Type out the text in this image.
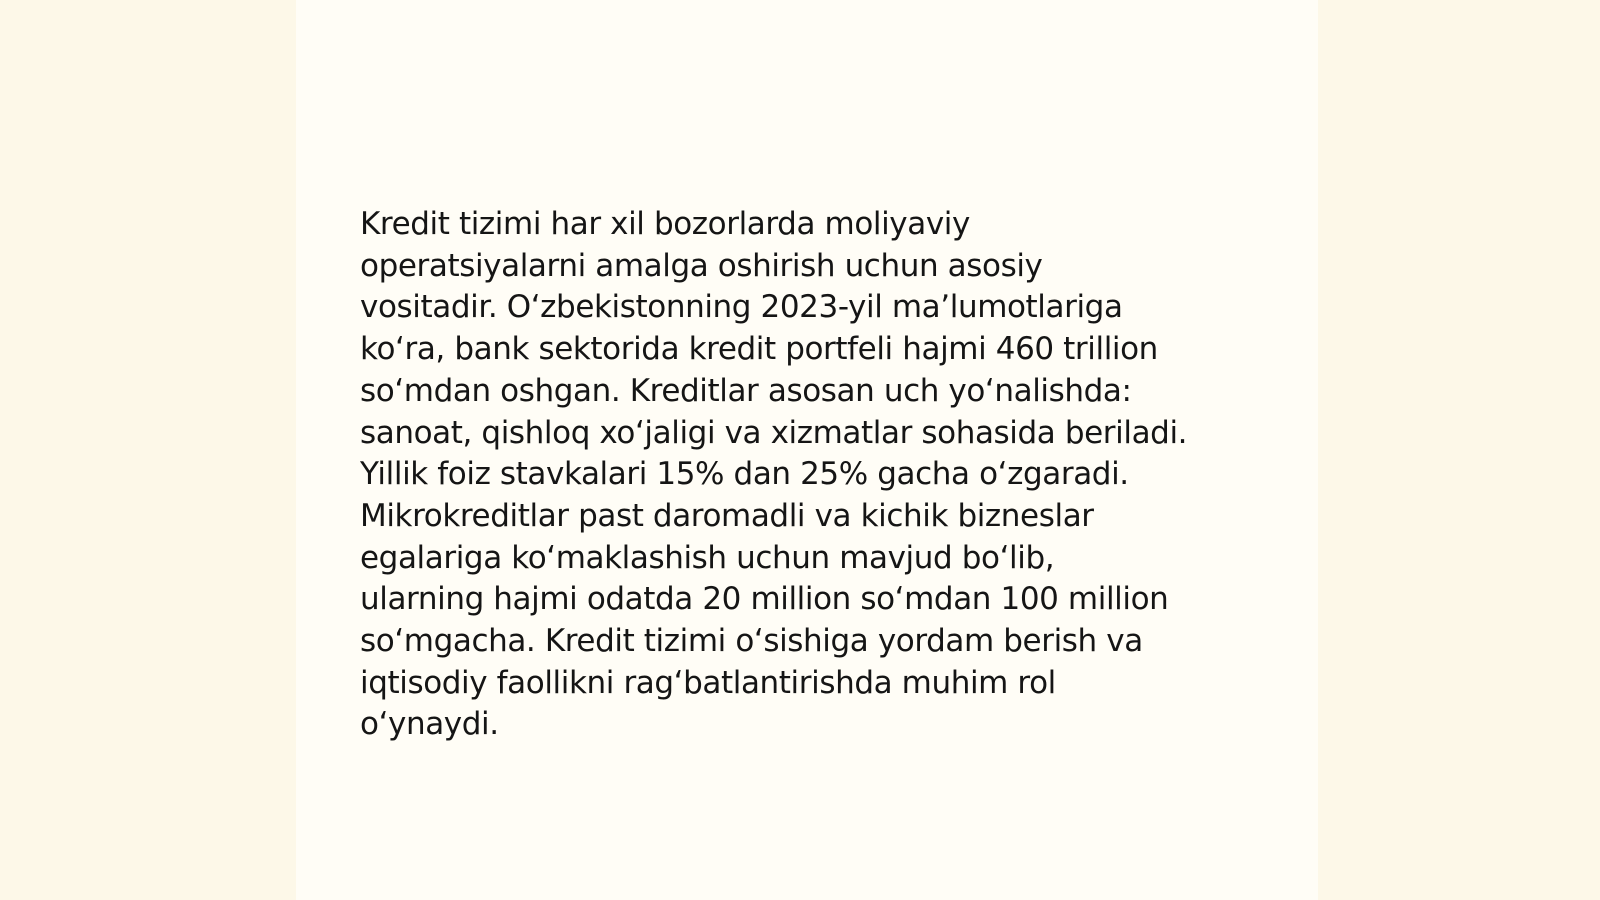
Kredit tizimi har xil bozorlarda moliyaviy
operatsiyalarni amalga oshirish uchun asosiy
vositadir. O‘zbekistonning 2023-yil ma’lumotlariga
ko‘ra, bank sektorida kredit portfeli hajmi 460 trillion
so‘mdan oshgan. Kreditlar asosan uch yo‘nalishda:
sanoat, qishloq xo‘jaligi va xizmatlar sohasida beriladi.
Yillik foiz stavkalari 15% dan 25% gacha o‘zgaradi.
Mikrokreditlar past daromadli va kichik bizneslar
egalariga ko‘maklashish uchun mavjud bo‘lib,
ularning hajmi odatda 20 million so‘mdan 100 million
so‘mgacha. Kredit tizimi o‘sishiga yordam berish va
iqtisodiy faollikni rag‘batlantirishda muhim rol
o‘ynaydi.
